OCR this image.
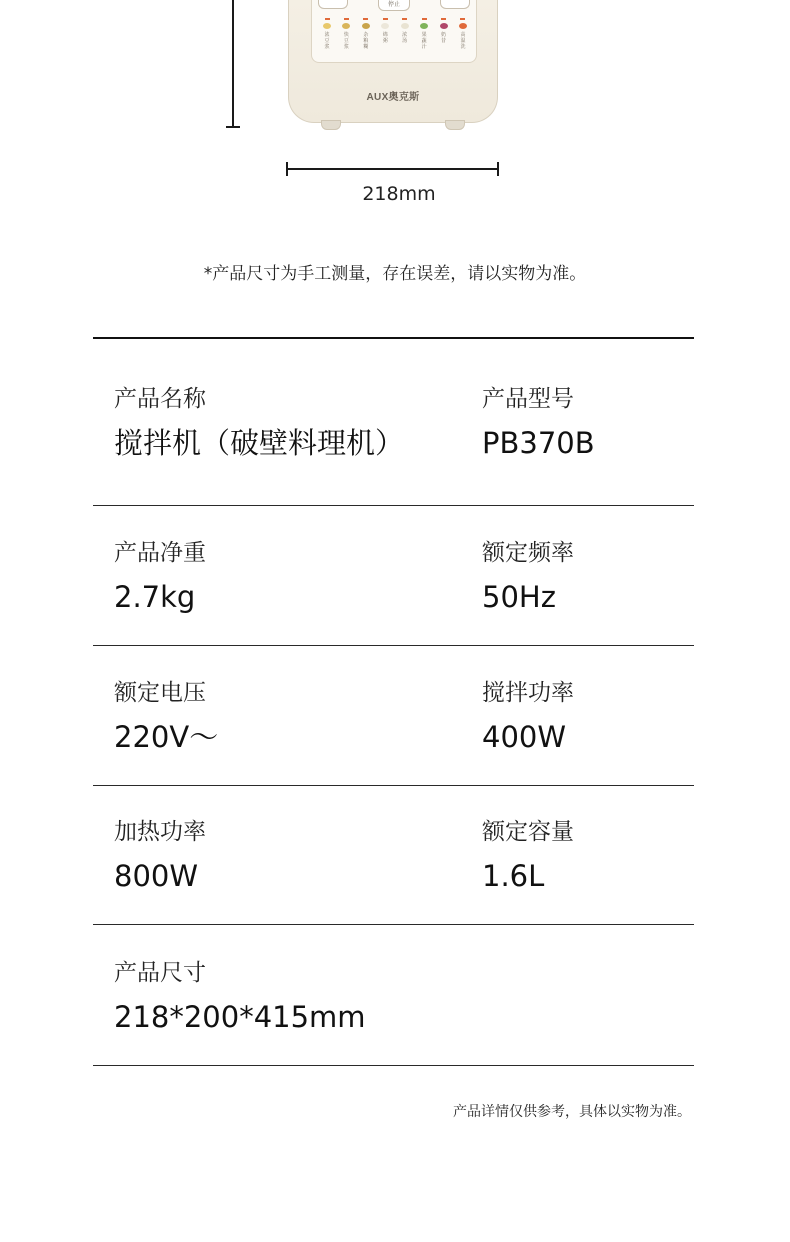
停止
浓豆浆
快豆浆
杂粮糊
绵粥
浓汤
果蔬汁
奶昔
高温洗
AUX奥克斯
218mm
*产品尺寸为手工测量，存在误差，请以实物为准。
产品名称
搅拌机（破壁料理机）
产品型号
PB370B
产品净重
2.7kg
额定频率
50Hz
额定电压
220V〜
搅拌功率
400W
加热功率
800W
额定容量
1.6L
产品尺寸
218*200*415mm
产品详情仅供参考，具体以实物为准。
